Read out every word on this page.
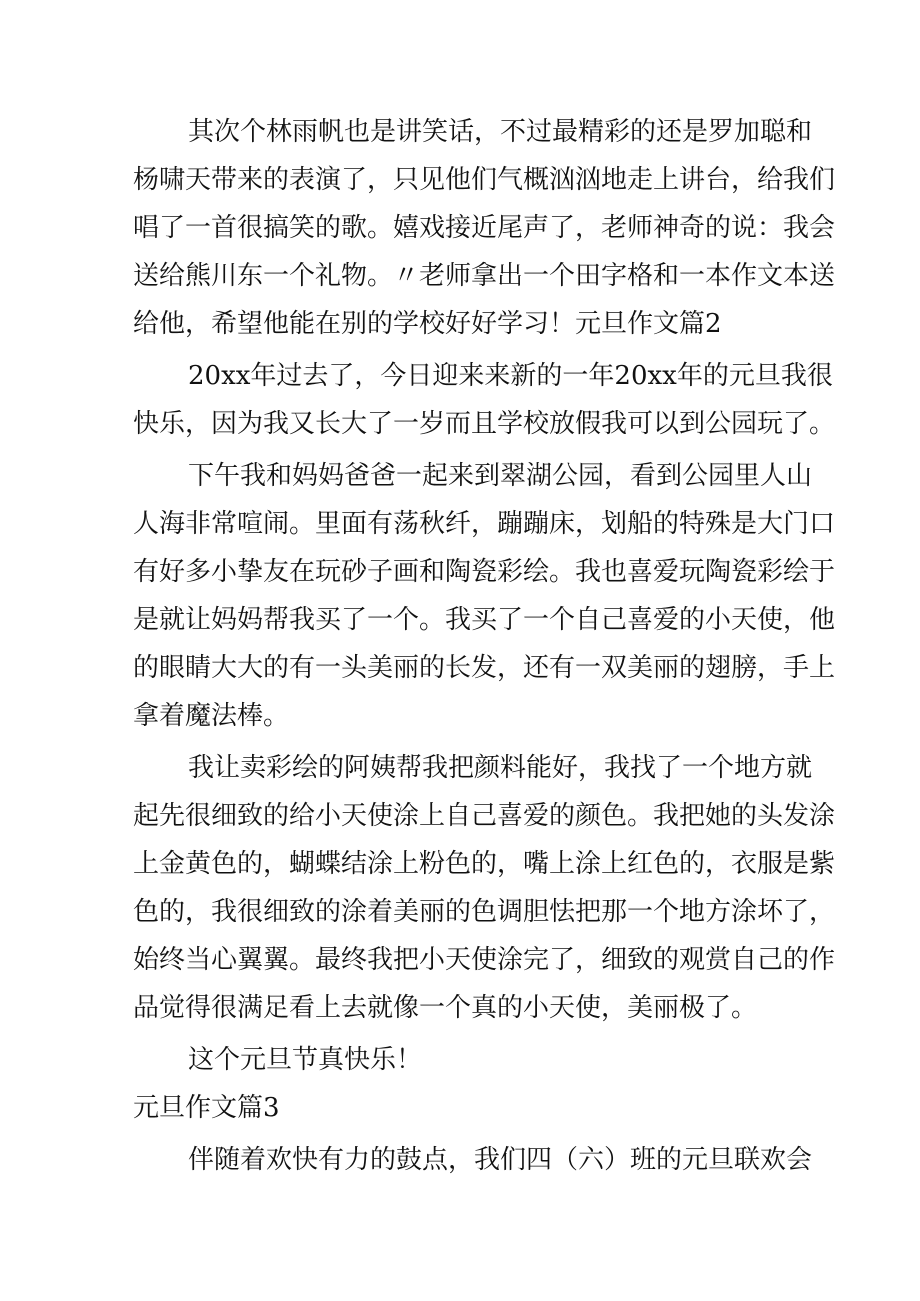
其次个林雨帆也是讲笑话，不过最精彩的还是罗加聪和
杨啸天带来的表演了，只见他们气概汹汹地走上讲台，给我们
唱了一首很搞笑的歌。嬉戏接近尾声了，老师神奇的说：我会
送给熊川东一个礼物。〃老师拿出一个田字格和一本作文本送
给他，希望他能在别的学校好好学习！元旦作文篇2
20xx年过去了，今日迎来来新的一年20xx年的元旦我很
快乐，因为我又长大了一岁而且学校放假我可以到公园玩了。
下午我和妈妈爸爸一起来到翠湖公园，看到公园里人山
人海非常喧闹。里面有荡秋纤，蹦蹦床，划船的特殊是大门口
有好多小挚友在玩砂子画和陶瓷彩绘。我也喜爱玩陶瓷彩绘于
是就让妈妈帮我买了一个。我买了一个自己喜爱的小天使，他
的眼睛大大的有一头美丽的长发，还有一双美丽的翅膀，手上
拿着魔法棒。
我让卖彩绘的阿姨帮我把颜料能好，我找了一个地方就
起先很细致的给小天使涂上自己喜爱的颜色。我把她的头发涂
上金黄色的，蝴蝶结涂上粉色的，嘴上涂上红色的，衣服是紫
色的，我很细致的涂着美丽的色调胆怯把那一个地方涂坏了，
始终当心翼翼。最终我把小天使涂完了，细致的观赏自己的作
品觉得很满足看上去就像一个真的小天使，美丽极了。
这个元旦节真快乐！
元旦作文篇3
伴随着欢快有力的鼓点，我们四（六）班的元旦联欢会
